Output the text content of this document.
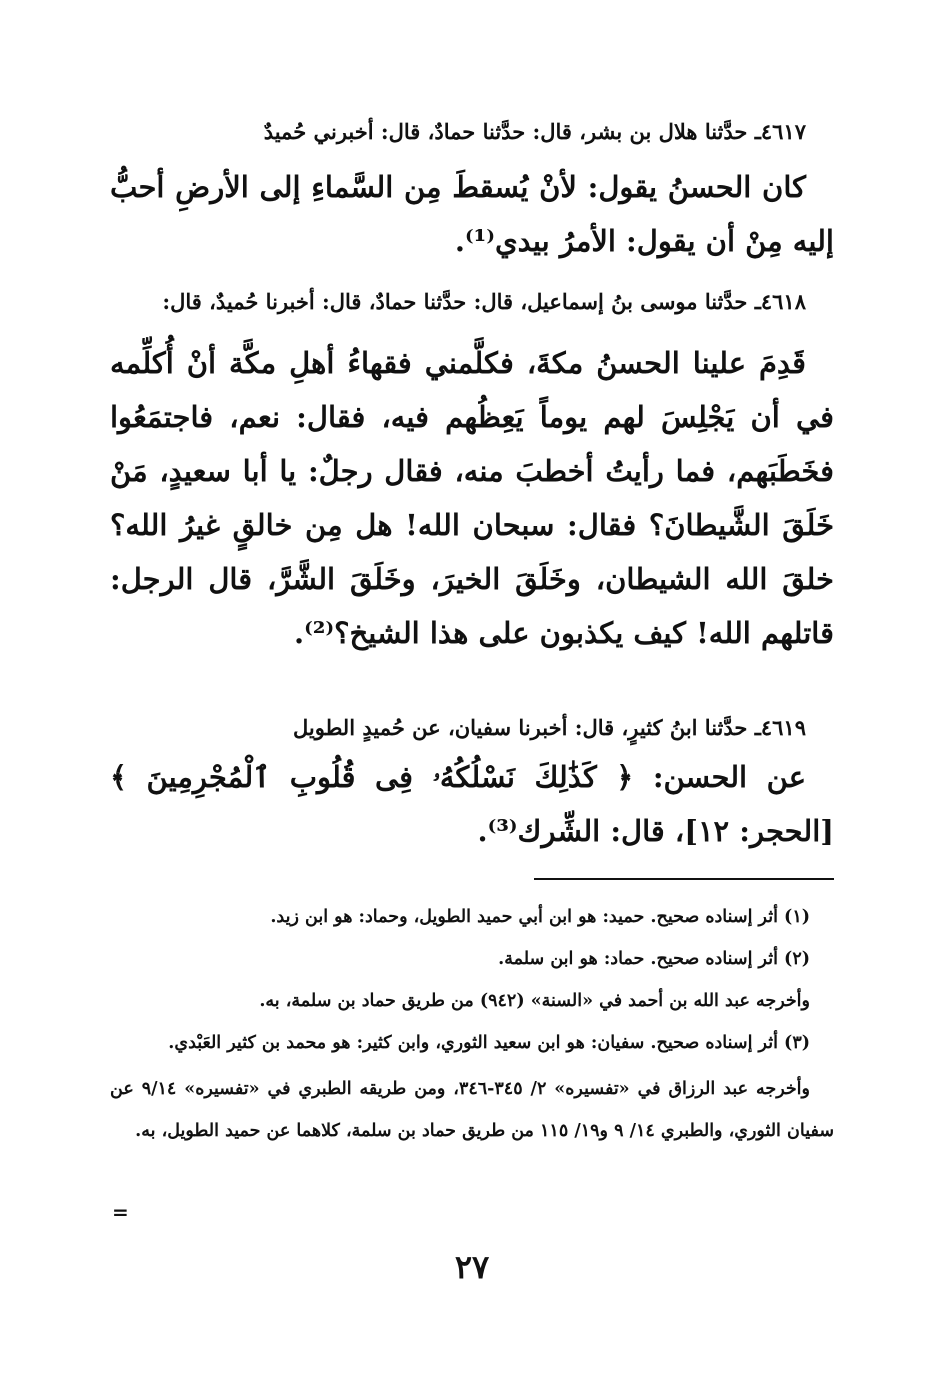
٤٦١٧ـ حدَّثنا هلال بن بشر، قال: حدَّثنا حمادٌ، قال: أخبرني حُميدٌ

كان الحسنُ يقول: لأنْ يُسقطَ مِن السَّماءِ إلى الأرضِ أحبُّ إليه مِنْ أن يقول: الأمرُ بيدي⁽¹⁾.

٤٦١٨ـ حدَّثنا موسى بنُ إسماعيل، قال: حدَّثنا حمادٌ، قال: أخبرنا حُميدٌ، قال:

قَدِمَ علينا الحسنُ مكةَ، فكلَّمني فقهاءُ أهلِ مكَّة أنْ أُكلِّمه في أن يَجْلِسَ لهم يوماً يَعِظُهم فيه، فقال: نعم، فاجتمَعُوا فخَطَبَهم، فما رأيتُ أخطبَ منه، فقال رجلٌ: يا أبا سعيدٍ، مَنْ خَلَقَ الشَّيطانَ؟ فقال: سبحان الله! هل مِن خالقٍ غيرُ الله؟ خلقَ الله الشيطان، وخَلَقَ الخيرَ، وخَلَقَ الشَّرَّ، قال الرجل: قاتلهم الله! كيف يكذبون على هذا الشيخ؟⁽²⁾.

٤٦١٩ـ حدَّثنا ابنُ كثيرٍ، قال: أخبرنا سفيان، عن حُميدٍ الطويل

عن الحسن: ﴿ كَذَٰلِكَ نَسْلُكُهُۥ فِى قُلُوبِ ٱلْمُجْرِمِينَ ﴾ [الحجر: ١٢]، قال: الشِّرك⁽³⁾.

(١) أثر إسناده صحيح. حميد: هو ابن أبي حميد الطويل، وحماد: هو ابن زيد.

(٢) أثر إسناده صحيح. حماد: هو ابن سلمة.

وأخرجه عبد الله بن أحمد في «السنة» (٩٤٢) من طريق حماد بن سلمة، به.

(٣) أثر إسناده صحيح. سفيان: هو ابن سعيد الثوري، وابن كثير: هو محمد بن كثير العَبْدي.

وأخرجه عبد الرزاق في «تفسيره» ٢/ ٣٤٥-٣٤٦، ومن طريقه الطبري في «تفسيره» ٩/١٤ عن سفيان الثوري، والطبري ١٤/ ٩ و١٩/ ١١٥ من طريق حماد بن سلمة، كلاهما عن حميد الطويل، به.

=
٢٧
